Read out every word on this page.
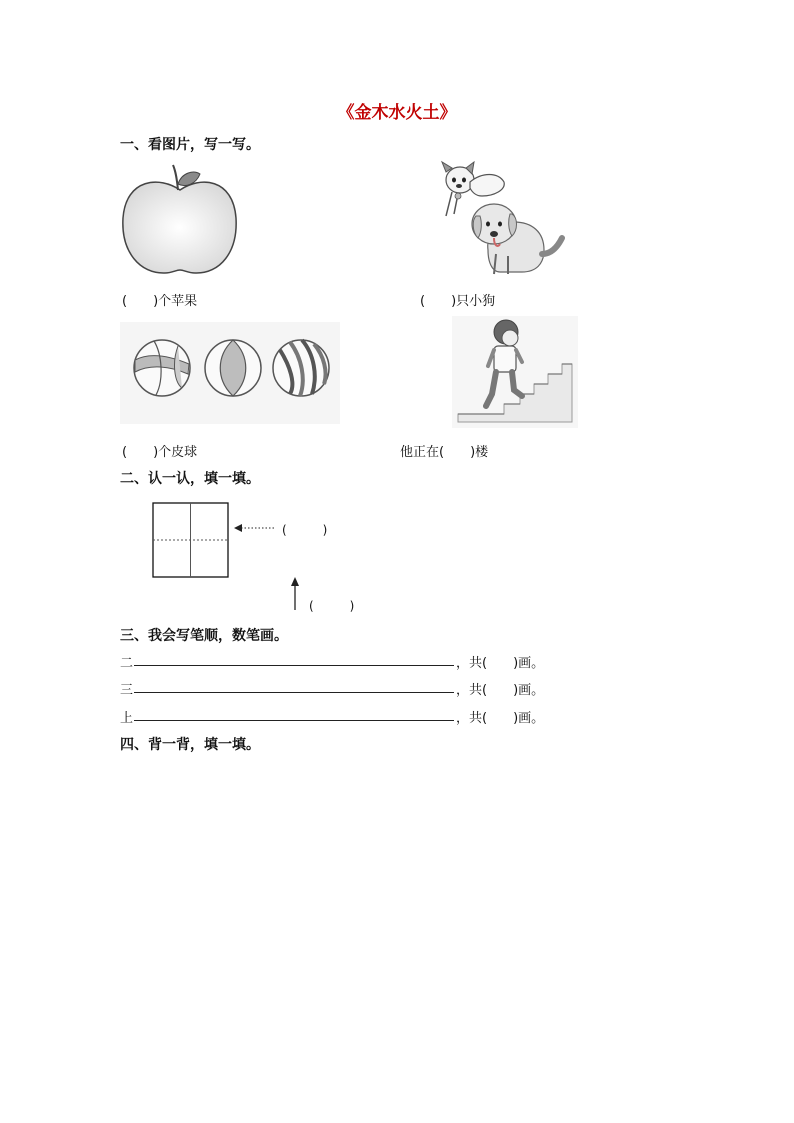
《金木水火土》
一、看图片，写一写。
(　　)个苹果	(　　)只小狗
(　　)个皮球	他正在(　　)楼
二、认一认，填一填。
(　　　)
(　　　)
三、我会写笔顺，数笔画。
二	，共(　　)画。
三	，共(　　)画。
上	，共(　　)画。
四、背一背，填一填。
